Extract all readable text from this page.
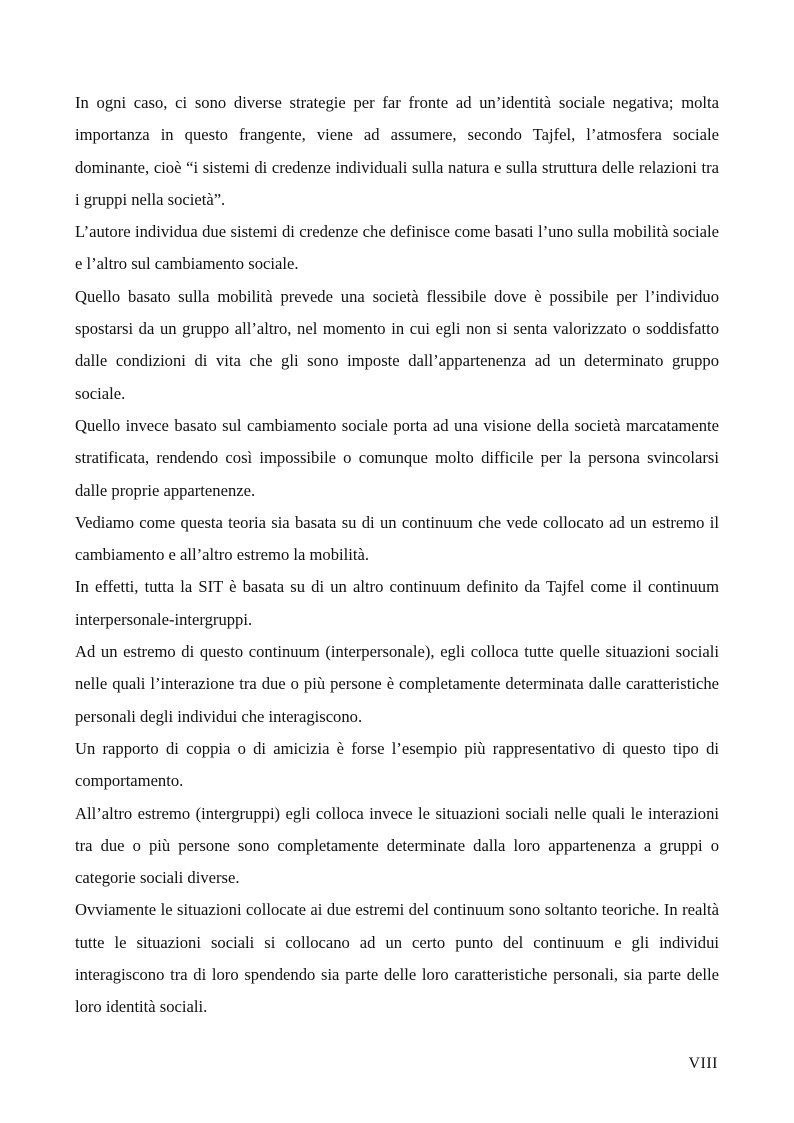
In ogni caso, ci sono diverse strategie per far fronte ad un’identità sociale negativa; molta importanza in questo frangente, viene ad assumere, secondo Tajfel, l’atmosfera sociale dominante, cioè “i sistemi di credenze individuali sulla natura e sulla struttura delle relazioni tra i gruppi nella società”.

L’autore individua due sistemi di credenze che definisce come basati l’uno sulla mobilità sociale e l’altro sul cambiamento sociale.

Quello basato sulla mobilità prevede una società flessibile dove è possibile per l’individuo spostarsi da un gruppo all’altro, nel momento in cui egli non si senta valorizzato o soddisfatto dalle condizioni di vita che gli sono imposte dall’appartenenza ad un determinato gruppo sociale.

Quello invece basato sul cambiamento sociale porta ad una visione della società marcatamente stratificata, rendendo così impossibile o comunque molto difficile per la persona svincolarsi dalle proprie appartenenze.

Vediamo come questa teoria sia basata su di un continuum che vede collocato ad un estremo il cambiamento e all’altro estremo la mobilità.

In effetti, tutta la SIT è basata su di un altro continuum definito da Tajfel come il continuum interpersonale-intergruppi.

Ad un estremo di questo continuum (interpersonale), egli colloca tutte quelle situazioni sociali nelle quali l’interazione tra due o più persone è completamente determinata dalle caratteristiche personali degli individui che interagiscono.

Un rapporto di coppia o di amicizia è forse l’esempio più rappresentativo di questo tipo di comportamento.

All’altro estremo (intergruppi) egli colloca invece le situazioni sociali nelle quali le interazioni tra due o più persone sono completamente determinate dalla loro appartenenza a gruppi o categorie sociali diverse.

Ovviamente le situazioni collocate ai due estremi del continuum sono soltanto teoriche. In realtà tutte le situazioni sociali si collocano ad un certo punto del continuum e gli individui interagiscono tra di loro spendendo sia parte delle loro caratteristiche personali, sia parte delle loro identità sociali.

VIII
